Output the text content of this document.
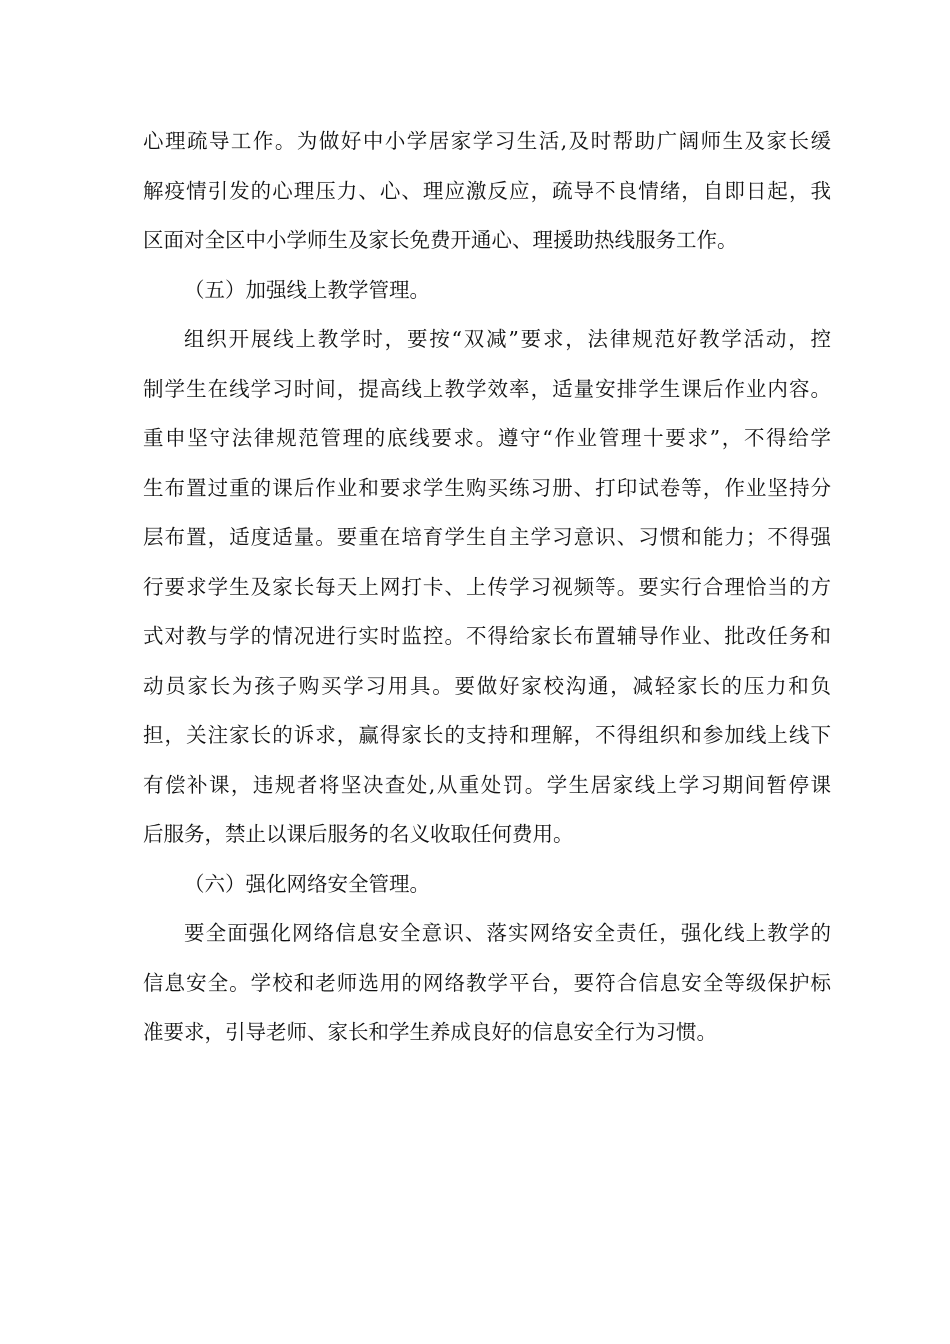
心理疏导工作。为做好中小学居家学习生活,及时帮助广阔师生及家长缓
解疫情引发的心理压力、心、理应激反应，疏导不良情绪，自即日起，我
区面对全区中小学师生及家长免费开通心、理援助热线服务工作。
（五）加强线上教学管理。
组织开展线上教学时，要按“双减”要求，法律规范好教学活动，控
制学生在线学习时间，提高线上教学效率，适量安排学生课后作业内容。
重申坚守法律规范管理的底线要求。遵守“作业管理十要求”，不得给学
生布置过重的课后作业和要求学生购买练习册、打印试卷等，作业坚持分
层布置，适度适量。要重在培育学生自主学习意识、习惯和能力；不得强
行要求学生及家长每天上网打卡、上传学习视频等。要实行合理恰当的方
式对教与学的情况进行实时监控。不得给家长布置辅导作业、批改任务和
动员家长为孩子购买学习用具。要做好家校沟通，减轻家长的压力和负
担，关注家长的诉求，赢得家长的支持和理解，不得组织和参加线上线下
有偿补课，违规者将坚决查处,从重处罚。学生居家线上学习期间暂停课
后服务，禁止以课后服务的名义收取任何费用。
（六）强化网络安全管理。
要全面强化网络信息安全意识、落实网络安全责任，强化线上教学的
信息安全。学校和老师选用的网络教学平台，要符合信息安全等级保护标
准要求，引导老师、家长和学生养成良好的信息安全行为习惯。
